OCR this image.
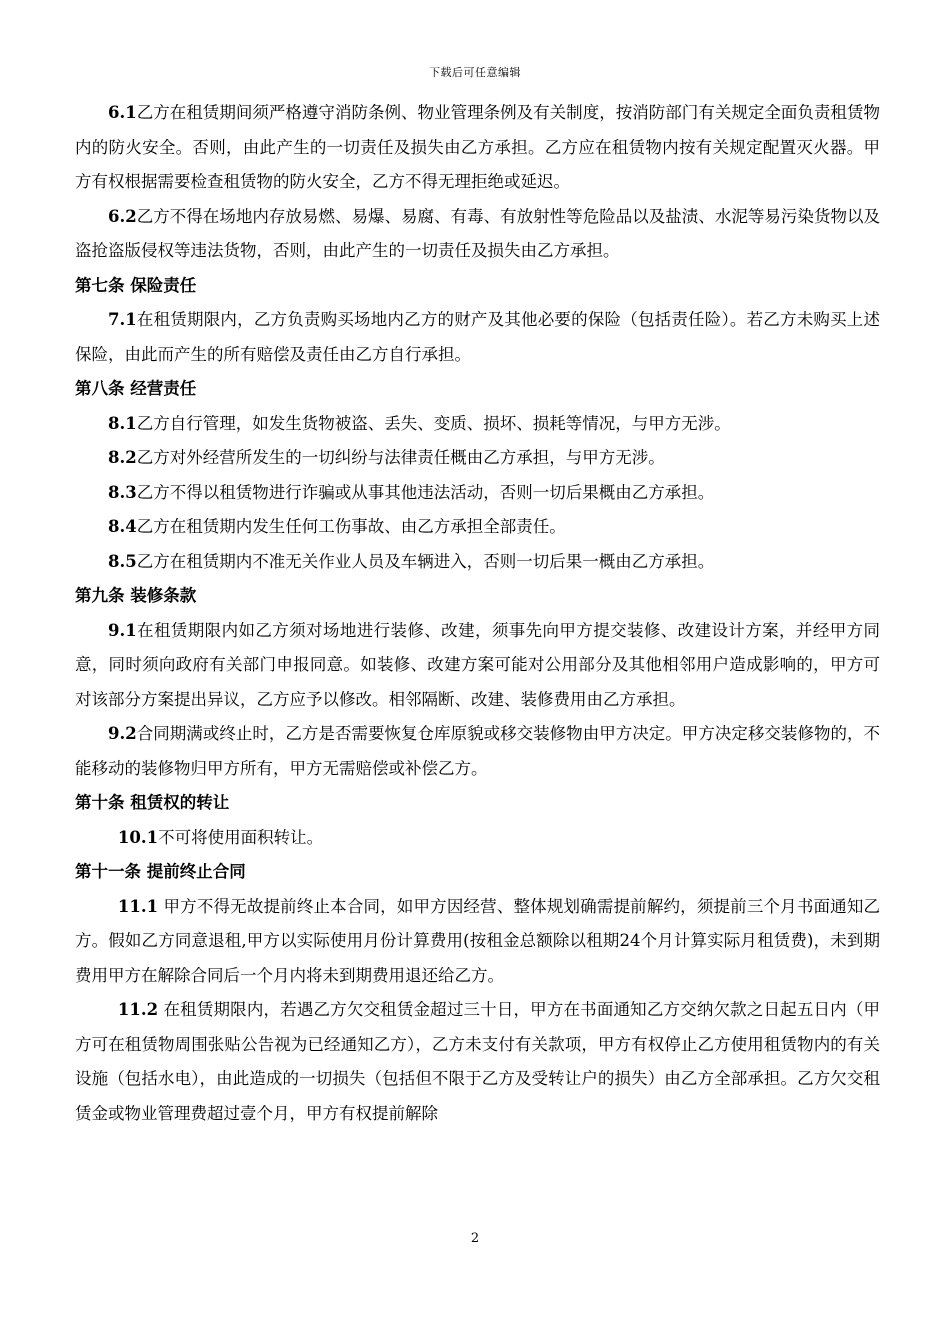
下载后可任意编辑

6.1乙方在租赁期间须严格遵守消防条例、物业管理条例及有关制度，按消防部门有关规定全面负责租赁物内的防火安全。否则，由此产生的一切责任及损失由乙方承担。乙方应在租赁物内按有关规定配置灭火器。甲方有权根据需要检查租赁物的防火安全，乙方不得无理拒绝或延迟。

6.2乙方不得在场地内存放易燃、易爆、易腐、有毒、有放射性等危险品以及盐渍、水泥等易污染货物以及盗抢盗版侵权等违法货物，否则，由此产生的一切责任及损失由乙方承担。

第七条 保险责任

7.1在租赁期限内，乙方负责购买场地内乙方的财产及其他必要的保险（包括责任险）。若乙方未购买上述保险，由此而产生的所有赔偿及责任由乙方自行承担。

第八条 经营责任

8.1乙方自行管理，如发生货物被盗、丢失、变质、损坏、损耗等情况，与甲方无涉。

8.2乙方对外经营所发生的一切纠纷与法律责任概由乙方承担，与甲方无涉。

8.3乙方不得以租赁物进行诈骗或从事其他违法活动，否则一切后果概由乙方承担。

8.4乙方在租赁期内发生任何工伤事故、由乙方承担全部责任。

8.5乙方在租赁期内不准无关作业人员及车辆进入，否则一切后果一概由乙方承担。

第九条 装修条款

9.1在租赁期限内如乙方须对场地进行装修、改建，须事先向甲方提交装修、改建设计方案，并经甲方同意，同时须向政府有关部门申报同意。如装修、改建方案可能对公用部分及其他相邻用户造成影响的，甲方可对该部分方案提出异议，乙方应予以修改。相邻隔断、改建、装修费用由乙方承担。

9.2合同期满或终止时，乙方是否需要恢复仓库原貌或移交装修物由甲方决定。甲方决定移交装修物的，不能移动的装修物归甲方所有，甲方无需赔偿或补偿乙方。

第十条 租赁权的转让

10.1不可将使用面积转让。

第十一条 提前终止合同

11.1 甲方不得无故提前终止本合同，如甲方因经营、整体规划确需提前解约，须提前三个月书面通知乙方。假如乙方同意退租,甲方以实际使用月份计算费用(按租金总额除以租期24个月计算实际月租赁费)，未到期费用甲方在解除合同后一个月内将未到期费用退还给乙方。

11.2 在租赁期限内，若遇乙方欠交租赁金超过三十日，甲方在书面通知乙方交纳欠款之日起五日内（甲方可在租赁物周围张贴公告视为已经通知乙方），乙方未支付有关款项，甲方有权停止乙方使用租赁物内的有关设施（包括水电），由此造成的一切损失（包括但不限于乙方及受转让户的损失）由乙方全部承担。乙方欠交租赁金或物业管理费超过壹个月，甲方有权提前解除

2
